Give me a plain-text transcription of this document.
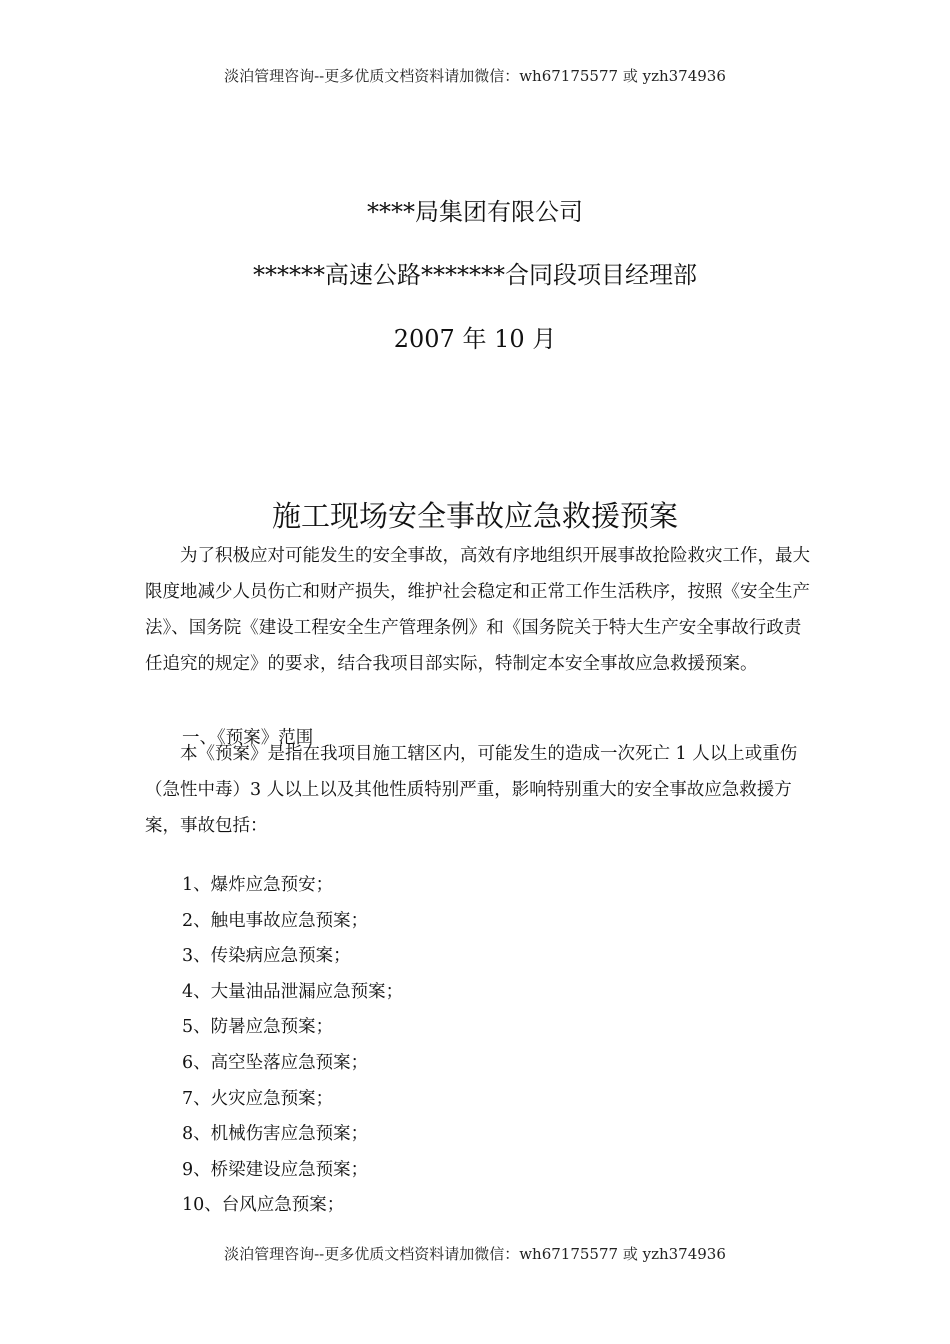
淡泊管理咨询--更多优质文档资料请加微信：wh67175577 或 yzh374936
****局集团有限公司
******高速公路*******合同段项目经理部
2007 年 10 月
施工现场安全事故应急救援预案
为了积极应对可能发生的安全事故，高效有序地组织开展事故抢险救灾工作，最大限度地减少人员伤亡和财产损失，维护社会稳定和正常工作生活秩序，按照《安全生产法》、国务院《建设工程安全生产管理条例》和《国务院关于特大生产安全事故行政责任追究的规定》的要求，结合我项目部实际，特制定本安全事故应急救援预案。
一、《预案》范围
本《预案》是指在我项目施工辖区内，可能发生的造成一次死亡 1 人以上或重伤（急性中毒）3 人以上以及其他性质特别严重，影响特别重大的安全事故应急救援方案，事故包括：
1、爆炸应急预安；
2、触电事故应急预案；
3、传染病应急预案；
4、大量油品泄漏应急预案；
5、防暑应急预案；
6、高空坠落应急预案；
7、火灾应急预案；
8、机械伤害应急预案；
9、桥梁建设应急预案；
10、台风应急预案；
淡泊管理咨询--更多优质文档资料请加微信：wh67175577 或 yzh374936
